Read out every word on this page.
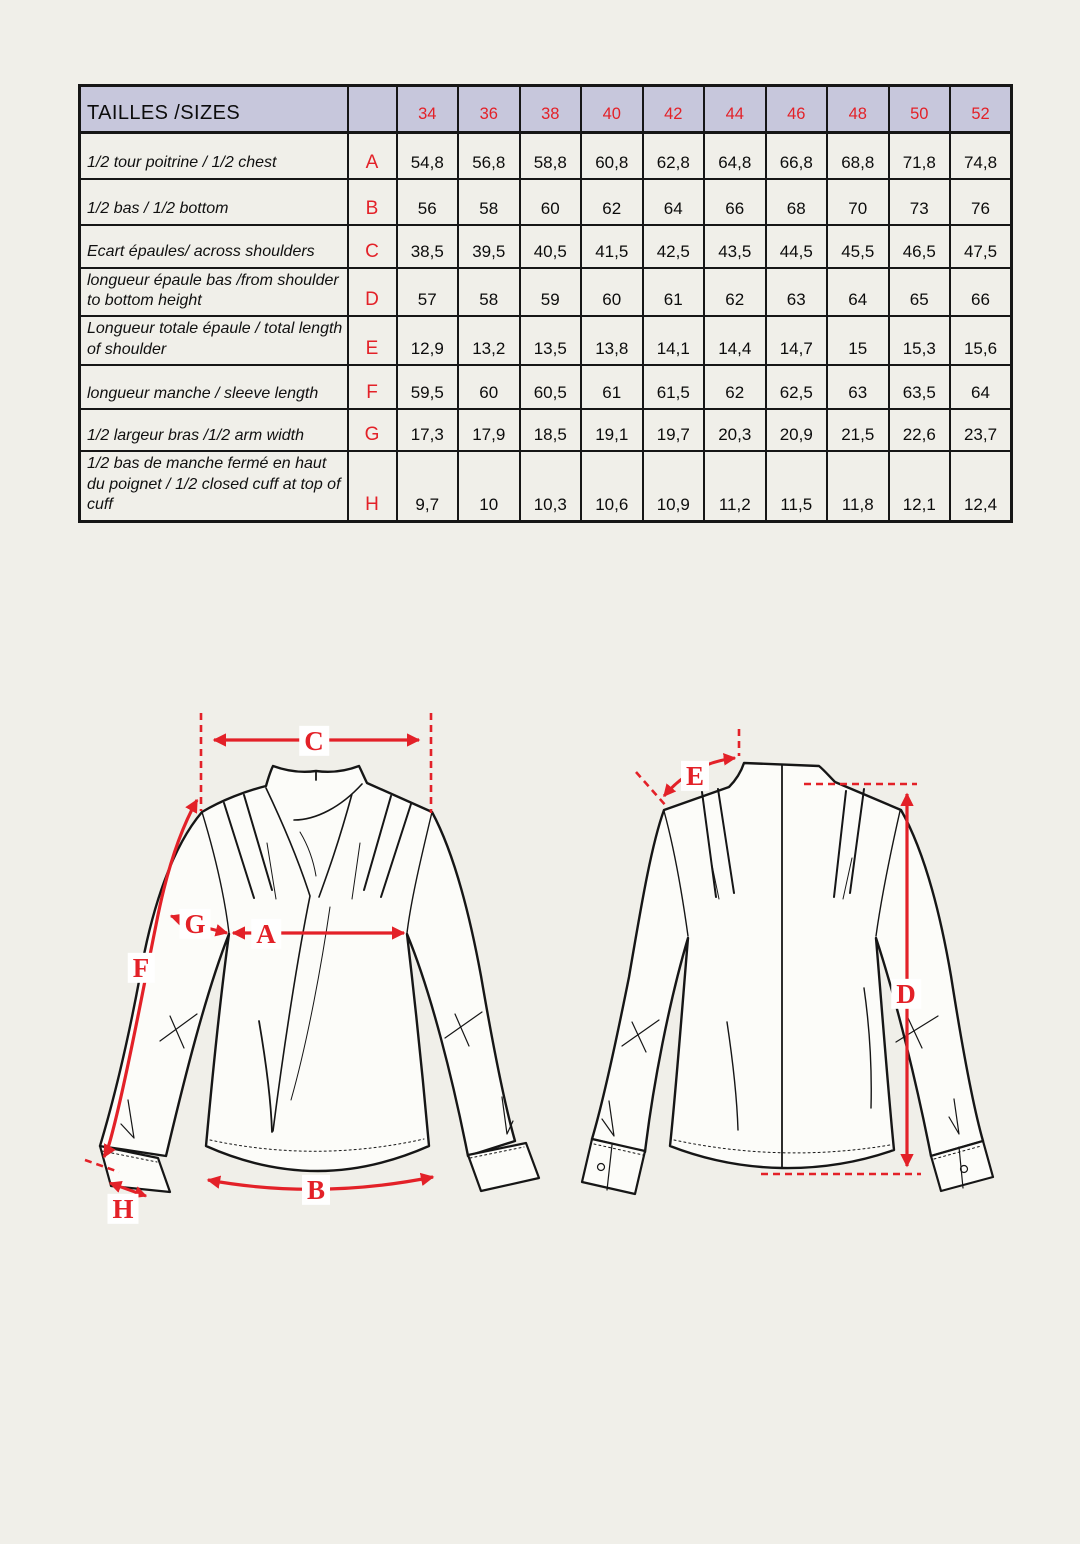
TAILLES /SIZES		34	36	38	40	42	44	46	48	50	52
1/2 tour poitrine / 1/2 chest	A	54,8	56,8	58,8	60,8	62,8	64,8	66,8	68,8	71,8	74,8
1/2 bas / 1/2 bottom	B	56	58	60	62	64	66	68	70	73	76
Ecart épaules/ across shoulders	C	38,5	39,5	40,5	41,5	42,5	43,5	44,5	45,5	46,5	47,5
longueur épaule bas /from shoulder to bottom height	D	57	58	59	60	61	62	63	64	65	66
Longueur totale épaule / total length of shoulder	E	12,9	13,2	13,5	13,8	14,1	14,4	14,7	15	15,3	15,6
longueur manche / sleeve length	F	59,5	60	60,5	61	61,5	62	62,5	63	63,5	64
1/2 largeur bras /1/2 arm width	G	17,3	17,9	18,5	19,1	19,7	20,3	20,9	21,5	22,6	23,7
1/2 bas de manche fermé en haut du poignet / 1/2 closed cuff at top of cuff	H	9,7	10	10,3	10,6	10,9	11,2	11,5	11,8	12,1	12,4
C
G A
F
H
B
E
D
